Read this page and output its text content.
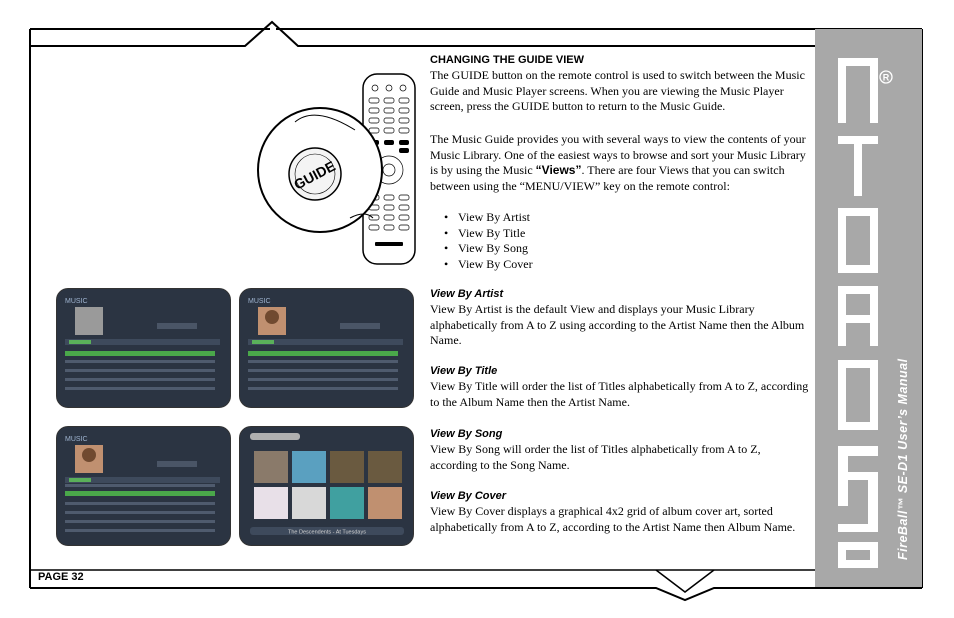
R
FireBall™ SE-D1 User’s Manual
GUIDE
MUSIC	MUSIC
MUSIC
The Descendents - At Tuesdays
CHANGING THE GUIDE VIEW

The GUIDE button on the remote control is used to switch between the Music Guide and Music Player screens. When you are viewing the Music Player screen, press the GUIDE button to return to the Music Guide.

The Music Guide provides you with several ways to view the contents of your Music Library. One of the easiest ways to browse and sort your Music Library is by using the Music “Views”. There are four Views that you can switch between using the “MENU/VIEW” key on the remote control:

• View By Artist
• View By Title
• View By Song
• View By Cover
View By Artist
View By Artist is the default View and displays your Music Library alphabetically from A to Z using according to the Artist Name then the Album Name.
View By Title
View By Title will order the list of Titles alphabetically from A to Z, according to the Album Name then the Artist Name.
View By Song
View By Song will order the list of Titles alphabetically from A to Z, according to the Song Name.
View By Cover
View By Cover displays a graphical 4x2 grid of album cover art, sorted alphabetically from A to Z, according to the Artist Name then Album Name.
PAGE 32
